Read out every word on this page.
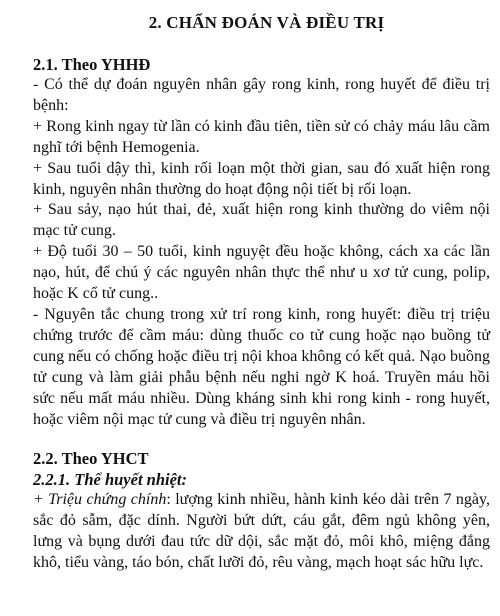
2. CHẨN ĐOÁN VÀ ĐIỀU TRỊ
2.1. Theo YHHĐ

- Có thể dự đoán nguyên nhân gây rong kinh, rong huyết để điều trị bệnh:

+ Rong kinh ngay từ lần có kinh đầu tiên, tiền sử có chảy máu lâu cầm nghĩ tới bệnh Hemogenia.

+ Sau tuổi dậy thì, kinh rối loạn một thời gian, sau đó xuất hiện rong kinh, nguyên nhân thường do hoạt động nội tiết bị rối loạn.

+ Sau sảy, nạo hút thai, đẻ, xuất hiện rong kinh thường do viêm nội mạc tử cung.

+ Độ tuổi 30 – 50 tuổi, kinh nguyệt đều hoặc không, cách xa các lần nạo, hút, để chú ý các nguyên nhân thực thể như u xơ tử cung, polip, hoặc K cổ tử cung..

- Nguyên tắc chung trong xử trí rong kinh, rong huyết: điều trị triệu chứng trước để cầm máu: dùng thuốc co tử cung hoặc nạo buồng tử cung nếu có chống hoặc điều trị nội khoa không có kết quả. Nạo buồng tử cung và làm giải phẫu bệnh nếu nghi ngờ K hoá. Truyền máu hồi sức nếu mất máu nhiều. Dùng kháng sinh khi rong kinh - rong huyết, hoặc viêm nội mạc tử cung và điều trị nguyên nhân.

2.2. Theo YHCT
2.2.1. Thể huyết nhiệt:

+ Triệu chứng chính: lượng kinh nhiều, hành kinh kéo dài trên 7 ngày, sắc đỏ sẫm, đặc dính. Người bứt dứt, cáu gắt, đêm ngủ không yên, lưng và bụng dưới đau tức dữ dội, sắc mặt đỏ, môi khô, miệng đắng khô, tiểu vàng, táo bón, chất lưỡi đỏ, rêu vàng, mạch hoạt sác hữu lực.
